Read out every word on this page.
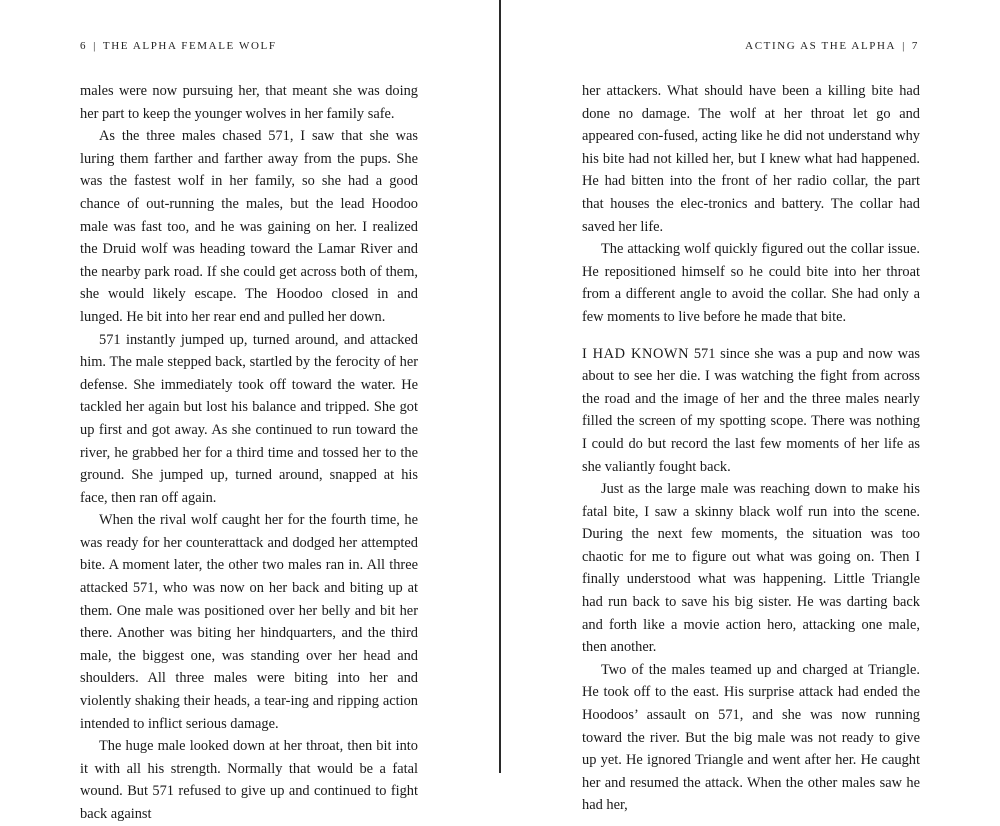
6 | THE ALPHA FEMALE WOLF

males were now pursuing her, that meant she was doing her part to keep the younger wolves in her family safe.

As the three males chased 571, I saw that she was luring them farther and farther away from the pups. She was the fastest wolf in her family, so she had a good chance of out-running the males, but the lead Hoodoo male was fast too, and he was gaining on her. I realized the Druid wolf was heading toward the Lamar River and the nearby park road. If she could get across both of them, she would likely escape. The Hoodoo closed in and lunged. He bit into her rear end and pulled her down.

571 instantly jumped up, turned around, and attacked him. The male stepped back, startled by the ferocity of her defense. She immediately took off toward the water. He tackled her again but lost his balance and tripped. She got up first and got away. As she continued to run toward the river, he grabbed her for a third time and tossed her to the ground. She jumped up, turned around, snapped at his face, then ran off again.

When the rival wolf caught her for the fourth time, he was ready for her counterattack and dodged her attempted bite. A moment later, the other two males ran in. All three attacked 571, who was now on her back and biting up at them. One male was positioned over her belly and bit her there. Another was biting her hindquarters, and the third male, the biggest one, was standing over her head and shoulders. All three males were biting into her and violently shaking their heads, a tear-ing and ripping action intended to inflict serious damage.

The huge male looked down at her throat, then bit into it with all his strength. Normally that would be a fatal wound. But 571 refused to give up and continued to fight back against

ACTING AS THE ALPHA | 7

her attackers. What should have been a killing bite had done no damage. The wolf at her throat let go and appeared con-fused, acting like he did not understand why his bite had not killed her, but I knew what had happened. He had bitten into the front of her radio collar, the part that houses the elec-tronics and battery. The collar had saved her life.

The attacking wolf quickly figured out the collar issue. He repositioned himself so he could bite into her throat from a different angle to avoid the collar. She had only a few moments to live before he made that bite.

I HAD KNOWN 571 since she was a pup and now was about to see her die. I was watching the fight from across the road and the image of her and the three males nearly filled the screen of my spotting scope. There was nothing I could do but record the last few moments of her life as she valiantly fought back.

Just as the large male was reaching down to make his fatal bite, I saw a skinny black wolf run into the scene. During the next few moments, the situation was too chaotic for me to figure out what was going on. Then I finally understood what was happening. Little Triangle had run back to save his big sister. He was darting back and forth like a movie action hero, attacking one male, then another.

Two of the males teamed up and charged at Triangle. He took off to the east. His surprise attack had ended the Hoodoos’ assault on 571, and she was now running toward the river. But the big male was not ready to give up yet. He ignored Triangle and went after her. He caught her and resumed the attack. When the other males saw he had her,
